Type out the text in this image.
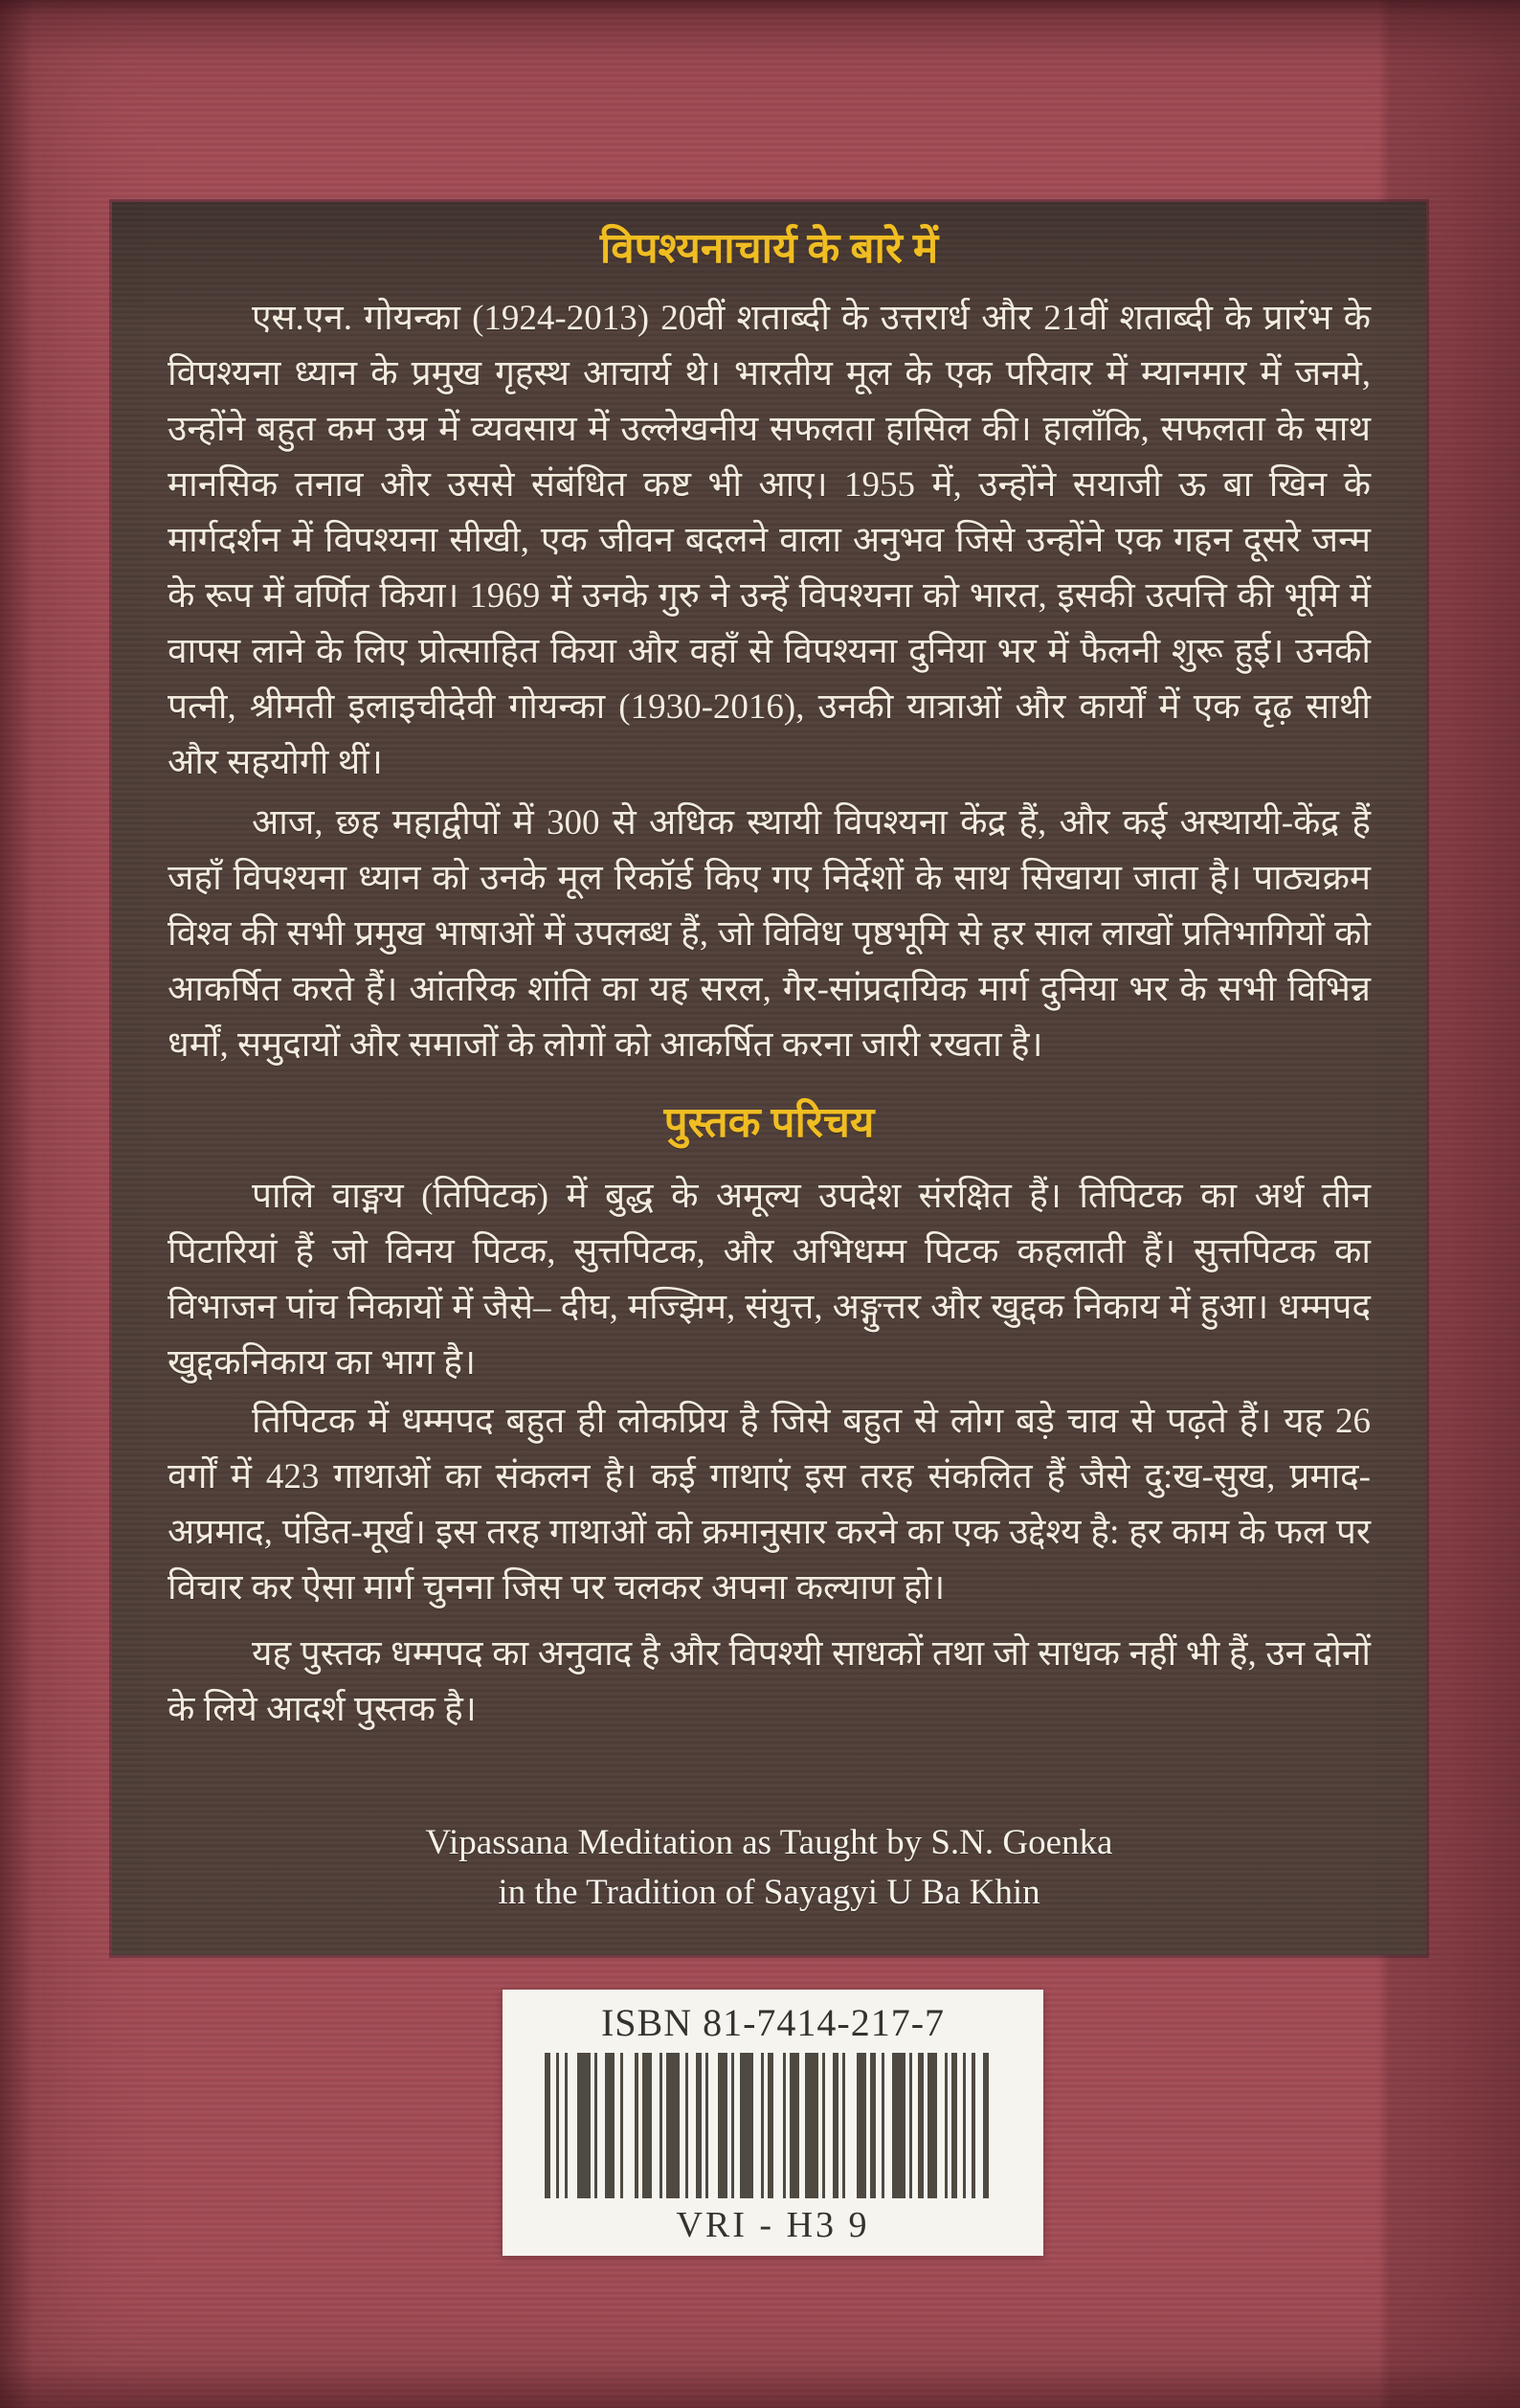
विपश्यनाचार्य के बारे में

एस.एन. गोयन्का (1924-2013) 20वीं शताब्दी के उत्तरार्ध और 21वीं शताब्दी के प्रारंभ के विपश्यना ध्यान के प्रमुख गृहस्थ आचार्य थे। भारतीय मूल के एक परिवार में म्यानमार में जनमे, उन्होंने बहुत कम उम्र में व्यवसाय में उल्लेखनीय सफलता हासिल की। हालाँकि, सफलता के साथ मानसिक तनाव और उससे संबंधित कष्ट भी आए। 1955 में, उन्होंने सयाजी ऊ बा खिन के मार्गदर्शन में विपश्यना सीखी, एक जीवन बदलने वाला अनुभव जिसे उन्होंने एक गहन दूसरे जन्म के रूप में वर्णित किया। 1969 में उनके गुरु ने उन्हें विपश्यना को भारत, इसकी उत्पत्ति की भूमि में वापस लाने के लिए प्रोत्साहित किया और वहाँ से विपश्यना दुनिया भर में फैलनी शुरू हुई। उनकी पत्नी, श्रीमती इलाइचीदेवी गोयन्का (1930-2016), उनकी यात्राओं और कार्यों में एक दृढ़ साथी और सहयोगी थीं।

आज, छह महाद्वीपों में 300 से अधिक स्थायी विपश्यना केंद्र हैं, और कई अस्थायी-केंद्र हैं जहाँ विपश्यना ध्यान को उनके मूल रिकॉर्ड किए गए निर्देशों के साथ सिखाया जाता है। पाठ्यक्रम विश्व की सभी प्रमुख भाषाओं में उपलब्ध हैं, जो विविध पृष्ठभूमि से हर साल लाखों प्रतिभागियों को आकर्षित करते हैं। आंतरिक शांति का यह सरल, गैर-सांप्रदायिक मार्ग दुनिया भर के सभी विभिन्न धर्मों, समुदायों और समाजों के लोगों को आकर्षित करना जारी रखता है।

पुस्तक परिचय

पालि वाङ्मय (तिपिटक) में बुद्ध के अमूल्य उपदेश संरक्षित हैं। तिपिटक का अर्थ तीन पिटारियां हैं जो विनय पिटक, सुत्तपिटक, और अभिधम्म पिटक कहलाती हैं। सुत्तपिटक का विभाजन पांच निकायों में जैसे– दीघ, मज्झिम, संयुत्त, अङ्गुत्तर और खुद्दक निकाय में हुआ। धम्मपद खुद्दकनिकाय का भाग है।

तिपिटक में धम्मपद बहुत ही लोकप्रिय है जिसे बहुत से लोग बड़े चाव से पढ़ते हैं। यह 26 वर्गों में 423 गाथाओं का संकलन है। कई गाथाएं इस तरह संकलित हैं जैसे दु:ख-सुख, प्रमाद-अप्रमाद, पंडित-मूर्ख। इस तरह गाथाओं को क्रमानुसार करने का एक उद्देश्य है: हर काम के फल पर विचार कर ऐसा मार्ग चुनना जिस पर चलकर अपना कल्याण हो।

यह पुस्तक धम्मपद का अनुवाद है और विपश्यी साधकों तथा जो साधक नहीं भी हैं, उन दोनों के लिये आदर्श पुस्तक है।

Vipassana Meditation as Taught by S.N. Goenka
in the Tradition of Sayagyi U Ba Khin
ISBN 81-7414-217-7
VRI - H3 9
